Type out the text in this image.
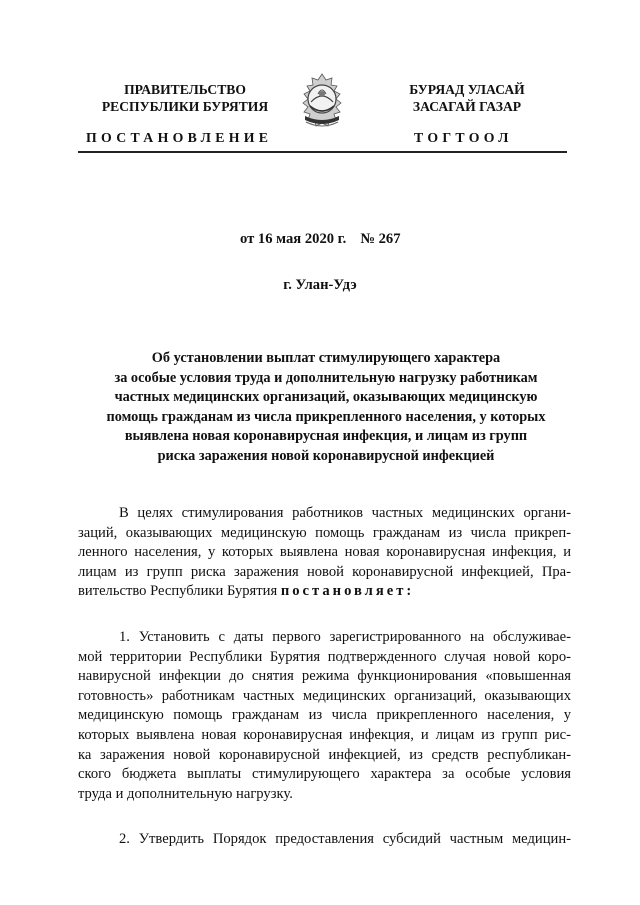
ПРАВИТЕЛЬСТВО
РЕСПУБЛИКИ БУРЯТИЯ
БУРЯАД УЛАСАЙ
ЗАСАГАЙ ГАЗАР
ПОСТАНОВЛЕНИЕ	ТОГТООЛ
от 16 мая 2020 г. № 267
г. Улан-Удэ
Об установлении выплат стимулирующего характера
за особые условия труда и дополнительную нагрузку работникам
частных медицинских организаций, оказывающих медицинскую
помощь гражданам из числа прикрепленного населения, у которых
выявлена новая коронавирусная инфекция, и лицам из групп
риска заражения новой коронавирусной инфекцией
В целях стимулирования работников частных медицинских органи-
заций, оказывающих медицинскую помощь гражданам из числа прикреп-
ленного населения, у которых выявлена новая коронавирусная инфекция, и
лицам из групп риска заражения новой коронавирусной инфекцией, Пра-
вительство Республики Бурятия постановляет:
1. Установить с даты первого зарегистрированного на обслуживае-
мой территории Республики Бурятия подтвержденного случая новой коро-
навирусной инфекции до снятия режима функционирования «повышенная
готовность» работникам частных медицинских организаций, оказывающих
медицинскую помощь гражданам из числа прикрепленного населения, у
которых выявлена новая коронавирусная инфекция, и лицам из групп рис-
ка заражения новой коронавирусной инфекцией, из средств республикан-
ского бюджета выплаты стимулирующего характера за особые условия
труда и дополнительную нагрузку.
2. Утвердить Порядок предоставления субсидий частным медицин-
